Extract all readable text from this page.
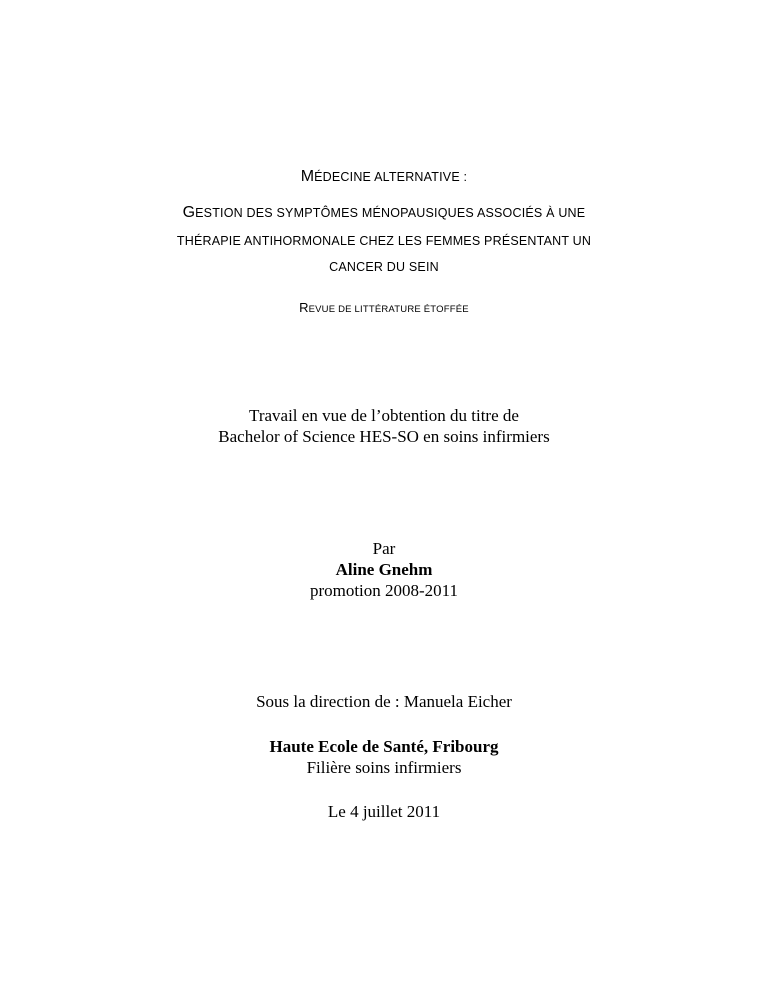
MÉDECINE ALTERNATIVE :
GESTION DES SYMPTÔMES MÉNOPAUSIQUES ASSOCIÉS À UNE
THÉRAPIE ANTIHORMONALE CHEZ LES FEMMES PRÉSENTANT UN
CANCER DU SEIN
REVUE DE LITTÉRATURE ÉTOFFÉE
Travail en vue de l’obtention du titre de
Bachelor of Science HES-SO en soins infirmiers
Par
Aline Gnehm
promotion 2008-2011
Sous la direction de : Manuela Eicher
Haute Ecole de Santé, Fribourg
Filière soins infirmiers
Le 4 juillet 2011
